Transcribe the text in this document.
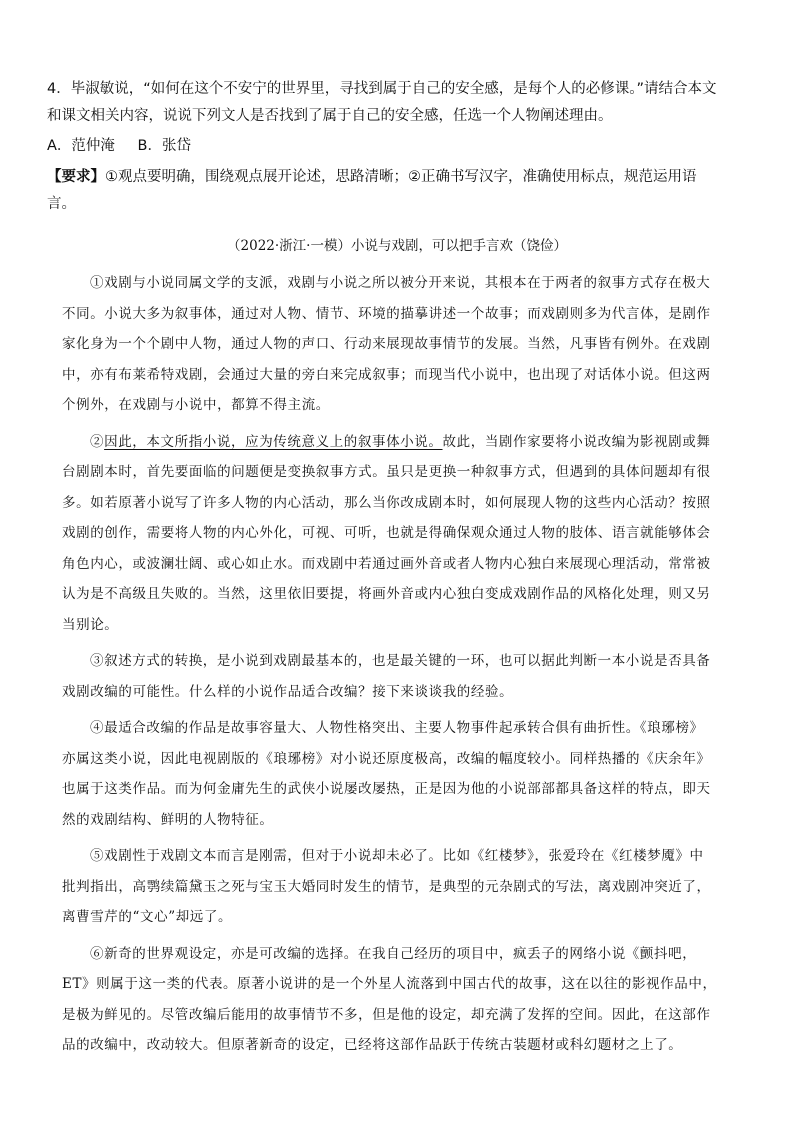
4．毕淑敏说，“如何在这个不安宁的世界里，寻找到属于自己的安全感，是每个人的必修课。”请结合本文

和课文相关内容，说说下列文人是否找到了属于自己的安全感，任选一个人物阐述理由。

A．范仲淹 B．张岱

【要求】①观点要明确，围绕观点展开论述，思路清晰；②正确书写汉字，准确使用标点，规范运用语

言。

（2022·浙江·一模）小说与戏剧，可以把手言欢（饶俭）

①戏剧与小说同属文学的支派，戏剧与小说之所以被分开来说，其根本在于两者的叙事方式存在极大
不同。小说大多为叙事体，通过对人物、情节、环境的描摹讲述一个故事；而戏剧则多为代言体，是剧作
家化身为一个个剧中人物，通过人物的声口、行动来展现故事情节的发展。当然，凡事皆有例外。在戏剧
中，亦有布莱希特戏剧，会通过大量的旁白来完成叙事；而现当代小说中，也出现了对话体小说。但这两
个例外，在戏剧与小说中，都算不得主流。

②因此，本文所指小说，应为传统意义上的叙事体小说。故此，当剧作家要将小说改编为影视剧或舞
台剧剧本时，首先要面临的问题便是变换叙事方式。虽只是更换一种叙事方式，但遇到的具体问题却有很
多。如若原著小说写了许多人物的内心活动，那么当你改成剧本时，如何展现人物的这些内心活动？按照
戏剧的创作，需要将人物的内心外化，可视、可听，也就是得确保观众通过人物的肢体、语言就能够体会
角色内心，或波澜壮阔、或心如止水。而戏剧中若通过画外音或者人物内心独白来展现心理活动，常常被
认为是不高级且失败的。当然，这里依旧要提，将画外音或内心独白变成戏剧作品的风格化处理，则又另
当别论。

③叙述方式的转换，是小说到戏剧最基本的，也是最关键的一环，也可以据此判断一本小说是否具备
戏剧改编的可能性。什么样的小说作品适合改编？接下来谈谈我的经验。

④最适合改编的作品是故事容量大、人物性格突出、主要人物事件起承转合俱有曲折性。《琅琊榜》
亦属这类小说，因此电视剧版的《琅琊榜》对小说还原度极高，改编的幅度较小。同样热播的《庆余年》
也属于这类作品。而为何金庸先生的武侠小说屡改屡热，正是因为他的小说部部都具备这样的特点，即天
然的戏剧结构、鲜明的人物特征。

⑤戏剧性于戏剧文本而言是刚需，但对于小说却未必了。比如《红楼梦》，张爱玲在《红楼梦魇》中
批判指出，高鹗续篇黛玉之死与宝玉大婚同时发生的情节，是典型的元杂剧式的写法，离戏剧冲突近了，
离曹雪芹的“文心”却远了。

⑥新奇的世界观设定，亦是可改编的选择。在我自己经历的项目中，疯丢子的网络小说《颤抖吧，
ET》则属于这一类的代表。原著小说讲的是一个外星人流落到中国古代的故事，这在以往的影视作品中，
是极为鲜见的。尽管改编后能用的故事情节不多，但是他的设定，却充满了发挥的空间。因此，在这部作
品的改编中，改动较大。但原著新奇的设定，已经将这部作品跃于传统古装题材或科幻题材之上了。
